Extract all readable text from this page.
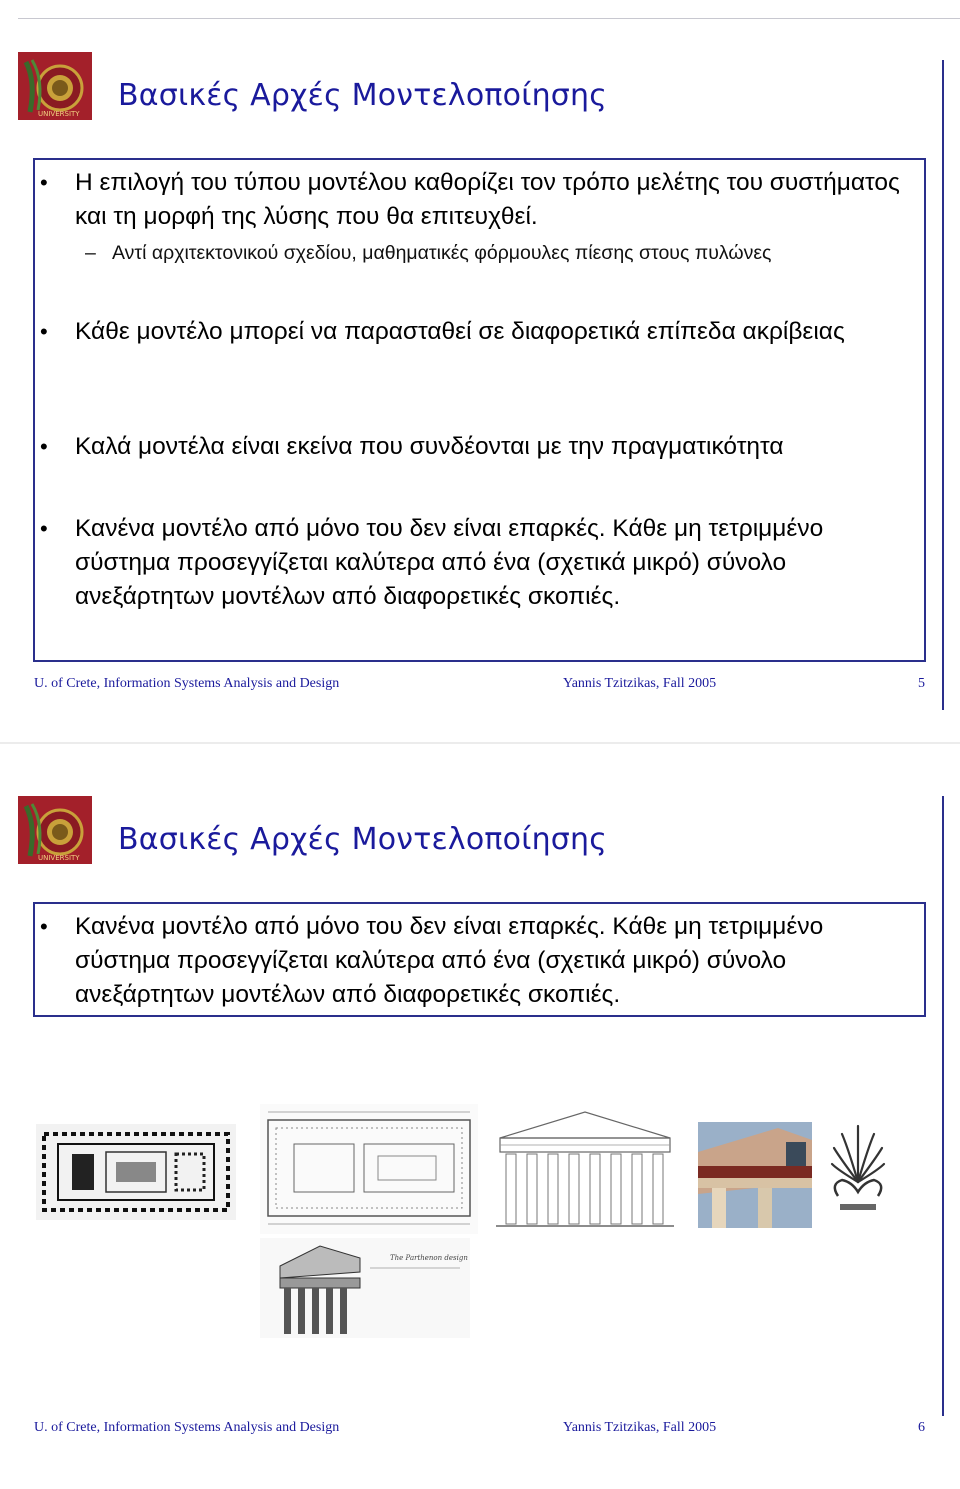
UNIVERSITY
Βασικές Αρχές Μοντελοποίησης
• Η επιλογή του τύπου μοντέλου καθορίζει τον τρόπο μελέτης του συστήματος και τη μορφή της λύσης που θα επιτευχθεί.
– Αντί αρχιτεκτονικού σχεδίου, μαθηματικές φόρμουλες πίεσης στους πυλώνες
• Κάθε μοντέλο μπορεί να παρασταθεί σε διαφορετικά επίπεδα ακρίβειας
• Καλά μοντέλα είναι εκείνα που συνδέονται με την πραγματικότητα
• Κανένα μοντέλο από μόνο του δεν είναι επαρκές. Κάθε μη τετριμμένο σύστημα προσεγγίζεται καλύτερα από ένα (σχετικά μικρό) σύνολο ανεξάρτητων μοντέλων από διαφορετικές σκοπιές.
U. of Crete, Information Systems Analysis and Design	Yannis Tzitzikas, Fall 2005	5
UNIVERSITY
Βασικές Αρχές Μοντελοποίησης
• Κανένα μοντέλο από μόνο του δεν είναι επαρκές. Κάθε μη τετριμμένο σύστημα προσεγγίζεται καλύτερα από ένα (σχετικά μικρό) σύνολο ανεξάρτητων μοντέλων από διαφορετικές σκοπιές.
The Parthenon design
U. of Crete, Information Systems Analysis and Design	Yannis Tzitzikas, Fall 2005	6
